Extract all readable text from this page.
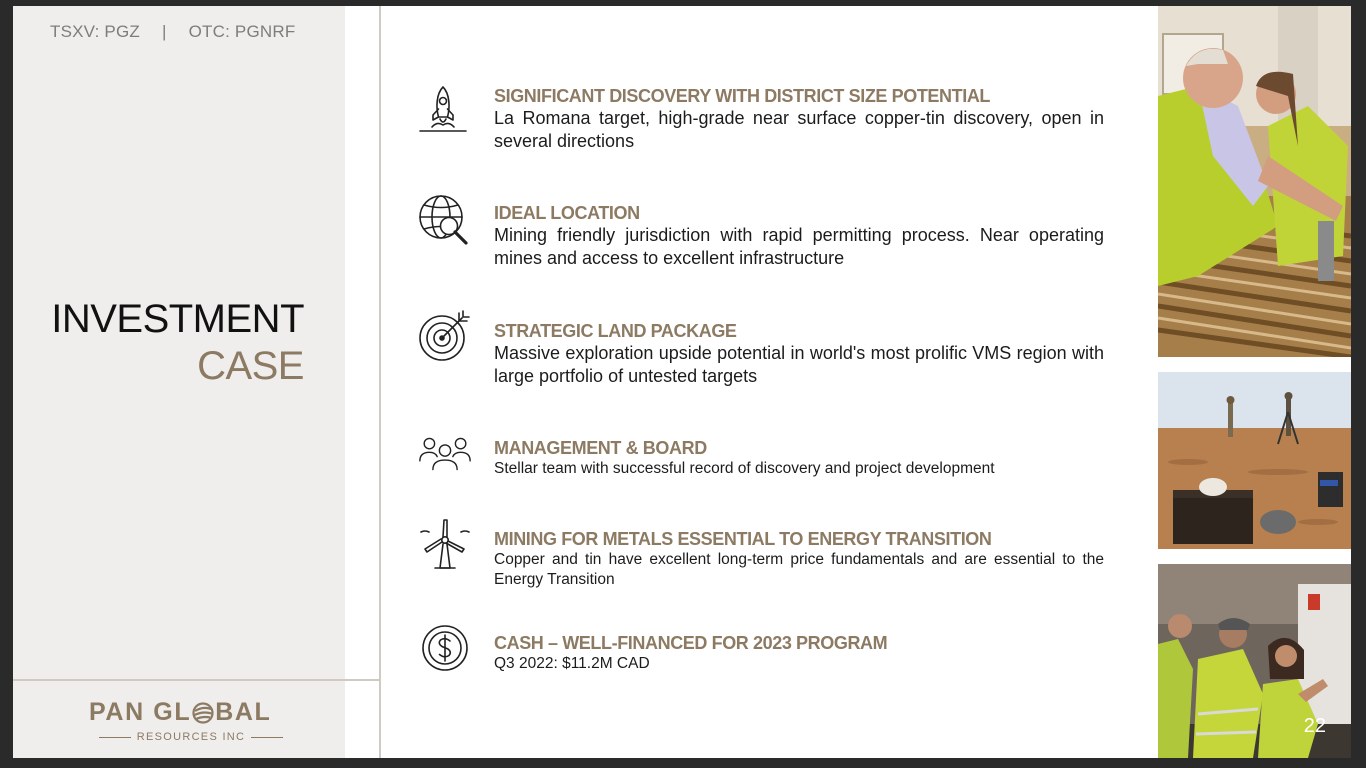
TSXV: PGZ | OTC: PGNRF
INVESTMENT
CASE
PAN GL BAL
RESOURCES INC
SIGNIFICANT DISCOVERY WITH DISTRICT SIZE POTENTIAL
La Romana target, high-grade near surface copper-tin discovery, open in several directions
IDEAL LOCATION
Mining friendly jurisdiction with rapid permitting process. Near operating mines and access to excellent infrastructure
STRATEGIC LAND PACKAGE
Massive exploration upside potential in world's most prolific VMS region with large portfolio of untested targets
MANAGEMENT & BOARD
Stellar team with successful record of discovery and project development
MINING FOR METALS ESSENTIAL TO ENERGY TRANSITION
Copper and tin have excellent long-term price fundamentals and are essential to the Energy Transition
CASH – WELL-FINANCED FOR 2023 PROGRAM
Q3 2022: $11.2M CAD
22
